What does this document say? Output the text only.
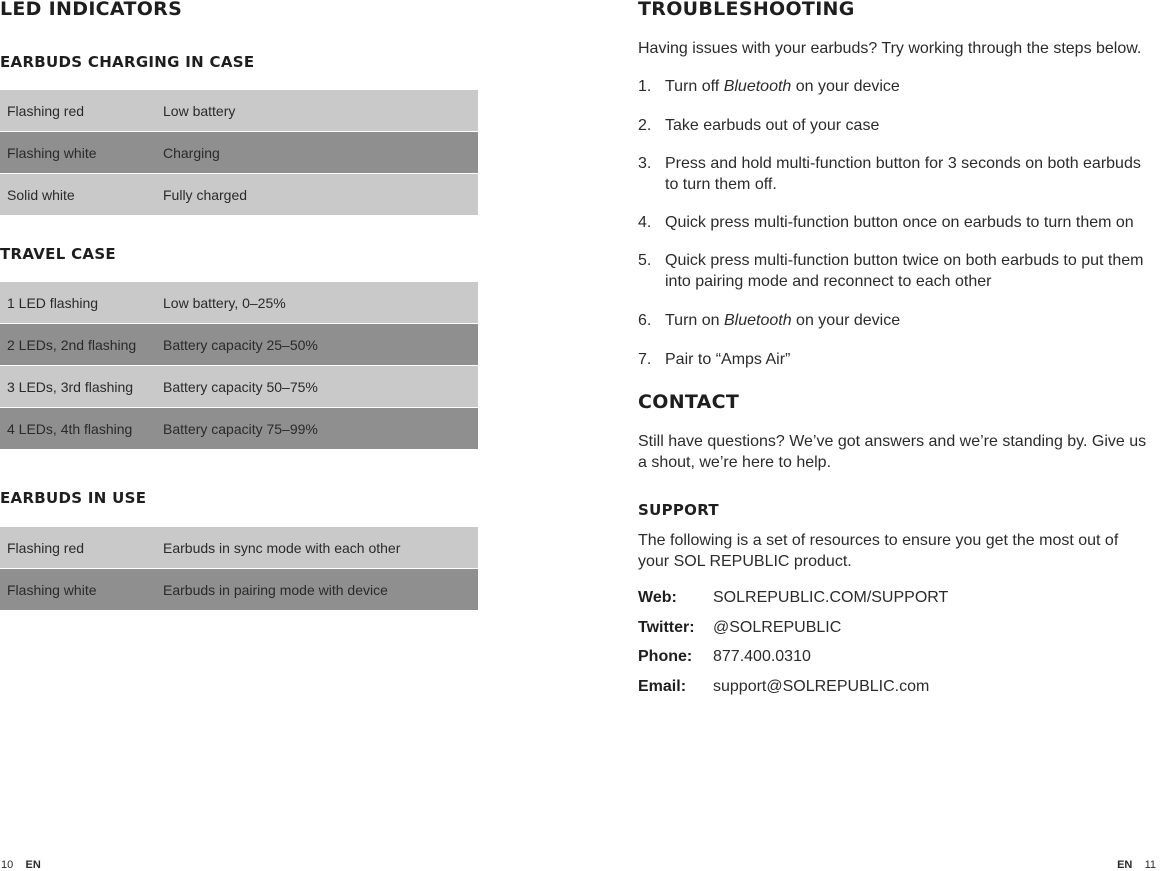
LED INDICATORS
EARBUDS CHARGING IN CASE
Flashing red	Low battery
Flashing white	Charging
Solid white	Fully charged
TRAVEL CASE
1 LED flashing	Low battery, 0–25%
2 LEDs, 2nd flashing	Battery capacity 25–50%
3 LEDs, 3rd flashing	Battery capacity 50–75%
4 LEDs, 4th flashing	Battery capacity 75–99%
EARBUDS IN USE
Flashing red	Earbuds in sync mode with each other
Flashing white	Earbuds in pairing mode with device
10 EN
TROUBLESHOOTING

Having issues with your earbuds? Try working through the steps below.

1. Turn off Bluetooth on your device
2. Take earbuds out of your case
3. Press and hold multi-function button for 3 seconds on both earbuds to turn them off.
4. Quick press multi-function button once on earbuds to turn them on
5. Quick press multi-function button twice on both earbuds to put them into pairing mode and reconnect to each other
6. Turn on Bluetooth on your device
7. Pair to “Amps Air”
CONTACT

Still have questions? We’ve got answers and we’re standing by. Give us a shout, we’re here to help.

SUPPORT

The following is a set of resources to ensure you get the most out of your SOL REPUBLIC product.

Web:	SOLREPUBLIC.COM/SUPPORT
Twitter:	@SOLREPUBLIC
Phone:	877.400.0310
Email:	support@SOLREPUBLIC.com
EN 11
